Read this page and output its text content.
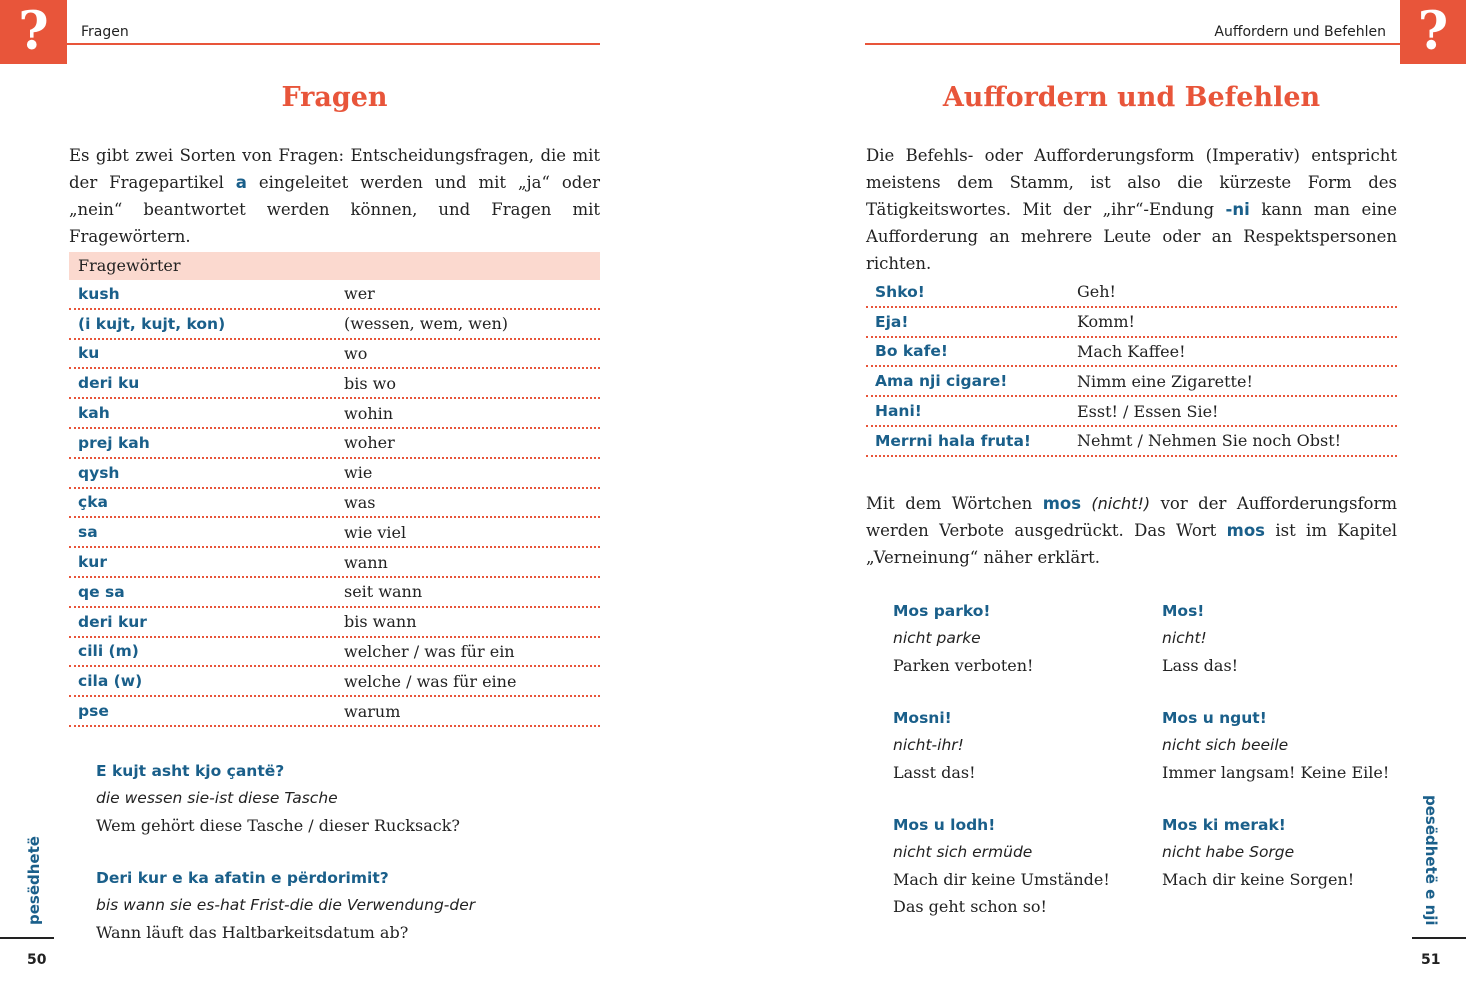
?	Fragen
Fragen
Es gibt zwei Sorten von Fragen: Entscheidungsfragen, die mit der Fragepartikel a eingeleitet werden und mit „ja“ oder „nein“ beantwortet werden können, und Fragen mit Fragewörtern.
Fragewörter
kush	wer
(i kujt, kujt, kon)	(wessen, wem, wen)
ku	wo
deri ku	bis wo
kah	wohin
prej kah	woher
qysh	wie
çka	was
sa	wie viel
kur	wann
qe sa	seit wann
deri kur	bis wann
cili (m)	welcher / was für ein
cila (w)	welche / was für eine
pse	warum
E kujt asht kjo çantë?
die wessen sie-ist diese Tasche
Wem gehört diese Tasche / dieser Rucksack?
Deri kur e ka afatin e përdorimit?
bis wann sie es-hat Frist-die die Verwendung-der
Wann läuft das Haltbarkeitsdatum ab?
pesëdhetë
50
?
Auffordern und Befehlen
Auffordern und Befehlen
Die Befehls- oder Aufforderungsform (Imperativ) entspricht meistens dem Stamm, ist also die kürzeste Form des Tätigkeitswortes. Mit der „ihr“-Endung -ni kann man eine Aufforderung an mehrere Leute oder an Respektspersonen richten.
Shko!	Geh!
Eja!	Komm!
Bo kafe!	Mach Kaffee!
Ama nji cigare!	Nimm eine Zigarette!
Hani!	Esst! / Essen Sie!
Merrni hala fruta!	Nehmt / Nehmen Sie noch Obst!
Mit dem Wörtchen mos (nicht!) vor der Aufforderungsform werden Verbote ausgedrückt. Das Wort mos ist im Kapitel „Verneinung“ näher erklärt.
Mos parko!
nicht parke
Parken verboten!
Mos!
nicht!
Lass das!
Mosni!
nicht-ihr!
Lasst das!
Mos u ngut!
nicht sich beeile
Immer langsam! Keine Eile!
Mos u lodh!
nicht sich ermüde
Mach dir keine Umstände!
Das geht schon so!
Mos ki merak!
nicht habe Sorge
Mach dir keine Sorgen!	pesëdhetë e nji
51
